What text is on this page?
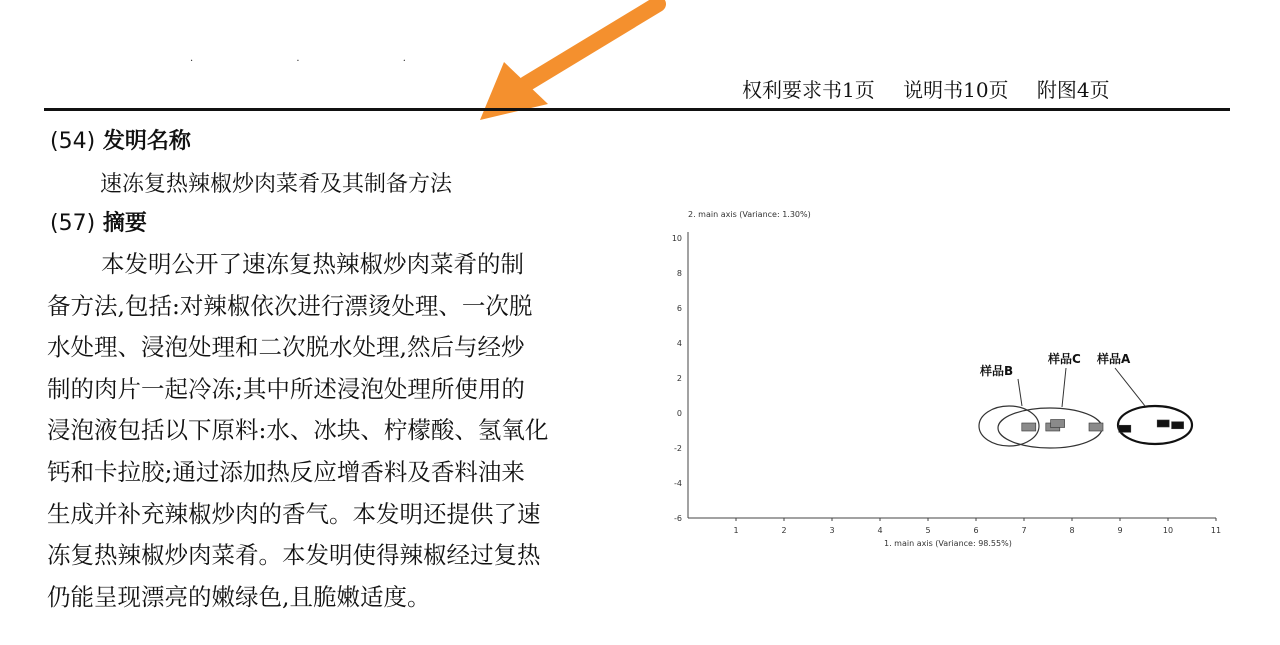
· · ·
权利要求书1页 说明书10页 附图4页
(54) 发明名称
速冻复热辣椒炒肉菜肴及其制备方法
(57) 摘要
本发明公开了速冻复热辣椒炒肉菜肴的制
备方法,包括:对辣椒依次进行漂烫处理、一次脱
水处理、浸泡处理和二次脱水处理,然后与经炒
制的肉片一起冷冻;其中所述浸泡处理所使用的
浸泡液包括以下原料:水、冰块、柠檬酸、氢氧化
钙和卡拉胶;通过添加热反应增香料及香料油来
生成并补充辣椒炒肉的香气。本发明还提供了速
冻复热辣椒炒肉菜肴。本发明使得辣椒经过复热
仍能呈现漂亮的嫩绿色,且脆嫩适度。
2. main axis (Variance: 1.30%)
10
8
6
4
2
0
-2
-4
-6
1	2	3	4	5	6	7	8	9	10	11
1. main axis (Variance: 98.55%)
样品B
样品C 样品A
